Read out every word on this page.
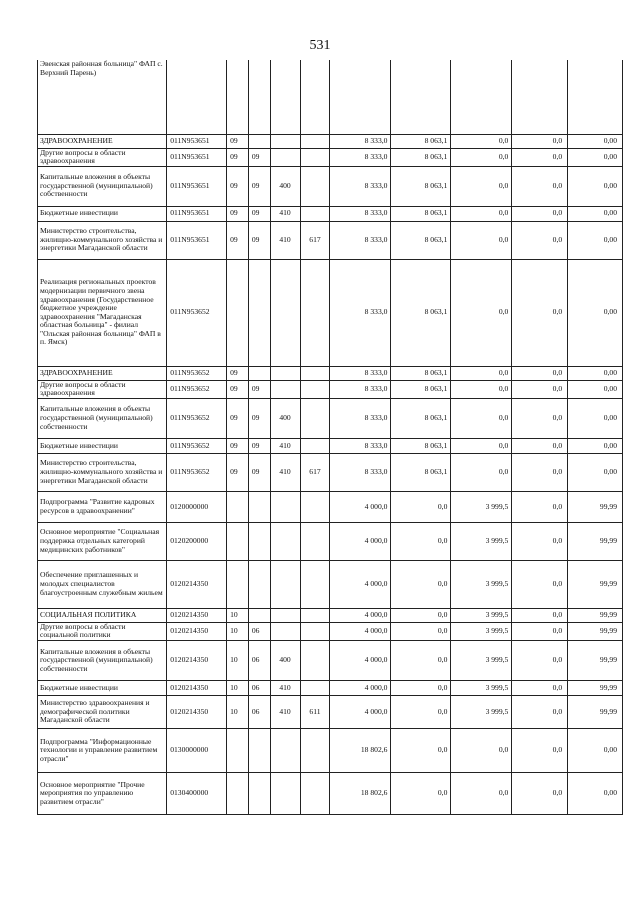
531
Эвенская районная больница" ФАП с. Верхний Парень)										
ЗДРАВООХРАНЕНИЕ	011N953651	09				8 333,0	8 063,1	0,0	0,0	0,00
Другие вопросы в области здравоохранения	011N953651	09	09			8 333,0	8 063,1	0,0	0,0	0,00
Капитальные вложения в объекты государственной (муниципальной) собственности	011N953651	09	09	400		8 333,0	8 063,1	0,0	0,0	0,00
Бюджетные инвестиции	011N953651	09	09	410		8 333,0	8 063,1	0,0	0,0	0,00
Министерство строительства, жилищно-коммунального хозяйства и энергетики Магаданской области	011N953651	09	09	410	617	8 333,0	8 063,1	0,0	0,0	0,00
Реализация региональных проектов модернизации первичного звена здравоохранения (Государственное бюджетное учреждение здравоохранения "Магаданская областная больница" - филиал "Ольская районная больница" ФАП в п. Ямск)	011N953652					8 333,0	8 063,1	0,0	0,0	0,00
ЗДРАВООХРАНЕНИЕ	011N953652	09				8 333,0	8 063,1	0,0	0,0	0,00
Другие вопросы в области здравоохранения	011N953652	09	09			8 333,0	8 063,1	0,0	0,0	0,00
Капитальные вложения в объекты государственной (муниципальной) собственности	011N953652	09	09	400		8 333,0	8 063,1	0,0	0,0	0,00
Бюджетные инвестиции	011N953652	09	09	410		8 333,0	8 063,1	0,0	0,0	0,00
Министерство строительства, жилищно-коммунального хозяйства и энергетики Магаданской области	011N953652	09	09	410	617	8 333,0	8 063,1	0,0	0,0	0,00
Подпрограмма "Развитие кадровых ресурсов в здравоохранении"	0120000000					4 000,0	0,0	3 999,5	0,0	99,99
Основное мероприятие "Социальная поддержка отдельных категорий медицинских работников"	0120200000					4 000,0	0,0	3 999,5	0,0	99,99
Обеспечение приглашенных и молодых специалистов благоустроенным служебным жильем	0120214350					4 000,0	0,0	3 999,5	0,0	99,99
СОЦИАЛЬНАЯ ПОЛИТИКА	0120214350	10				4 000,0	0,0	3 999,5	0,0	99,99
Другие вопросы в области социальной политики	0120214350	10	06			4 000,0	0,0	3 999,5	0,0	99,99
Капитальные вложения в объекты государственной (муниципальной) собственности	0120214350	10	06	400		4 000,0	0,0	3 999,5	0,0	99,99
Бюджетные инвестиции	0120214350	10	06	410		4 000,0	0,0	3 999,5	0,0	99,99
Министерство здравоохранения и демографической политики Магаданской области	0120214350	10	06	410	611	4 000,0	0,0	3 999,5	0,0	99,99
Подпрограмма "Информационные технологии и управление развитием отрасли"	0130000000					18 802,6	0,0	0,0	0,0	0,00
Основное мероприятие "Прочие мероприятия по управлению развитием отрасли"	0130400000					18 802,6	0,0	0,0	0,0	0,00
